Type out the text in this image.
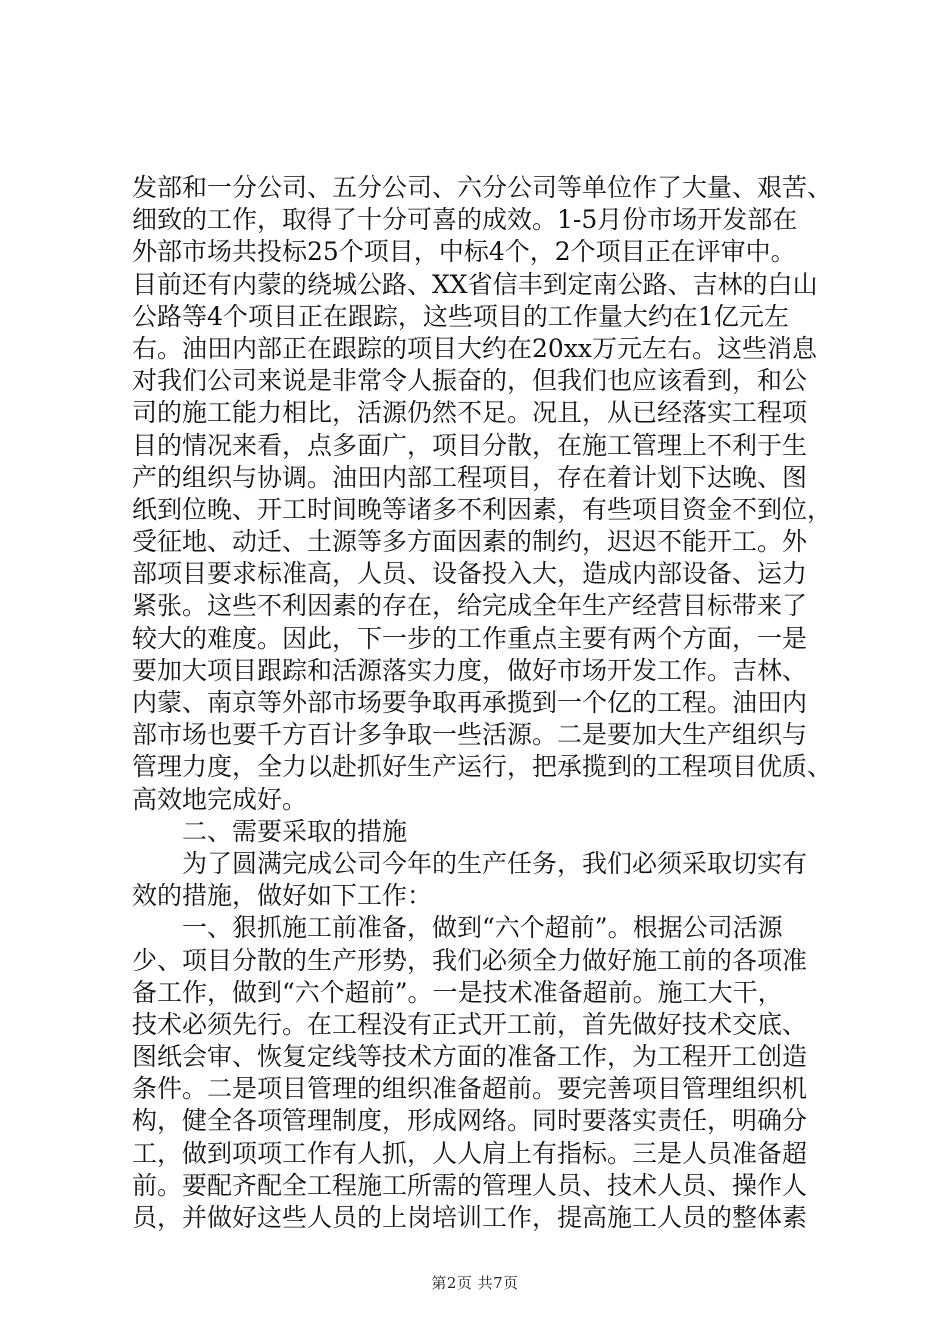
发部和一分公司、五分公司、六分公司等单位作了大量、艰苦、
细致的工作，取得了十分可喜的成效。1-5月份市场开发部在
外部市场共投标25个项目，中标4个，2个项目正在评审中。
目前还有内蒙的绕城公路、XX省信丰到定南公路、吉林的白山
公路等4个项目正在跟踪，这些项目的工作量大约在1亿元左
右。油田内部正在跟踪的项目大约在20xx万元左右。这些消息
对我们公司来说是非常令人振奋的，但我们也应该看到，和公
司的施工能力相比，活源仍然不足。况且，从已经落实工程项
目的情况来看，点多面广，项目分散，在施工管理上不利于生
产的组织与协调。油田内部工程项目，存在着计划下达晚、图
纸到位晚、开工时间晚等诸多不利因素，有些项目资金不到位，
受征地、动迁、土源等多方面因素的制约，迟迟不能开工。外
部项目要求标准高，人员、设备投入大，造成内部设备、运力
紧张。这些不利因素的存在，给完成全年生产经营目标带来了
较大的难度。因此，下一步的工作重点主要有两个方面，一是
要加大项目跟踪和活源落实力度，做好市场开发工作。吉林、
内蒙、南京等外部市场要争取再承揽到一个亿的工程。油田内
部市场也要千方百计多争取一些活源。二是要加大生产组织与
管理力度，全力以赴抓好生产运行，把承揽到的工程项目优质、
高效地完成好。
　　二、需要采取的措施
　　为了圆满完成公司今年的生产任务，我们必须采取切实有
效的措施，做好如下工作：
　　一、狠抓施工前准备，做到“六个超前”。根据公司活源
少、项目分散的生产形势，我们必须全力做好施工前的各项准
备工作，做到“六个超前”。一是技术准备超前。施工大干，
技术必须先行。在工程没有正式开工前，首先做好技术交底、
图纸会审、恢复定线等技术方面的准备工作，为工程开工创造
条件。二是项目管理的组织准备超前。要完善项目管理组织机
构，健全各项管理制度，形成网络。同时要落实责任，明确分
工，做到项项工作有人抓，人人肩上有指标。三是人员准备超
前。要配齐配全工程施工所需的管理人员、技术人员、操作人
员，并做好这些人员的上岗培训工作，提高施工人员的整体素
第2页 共7页
